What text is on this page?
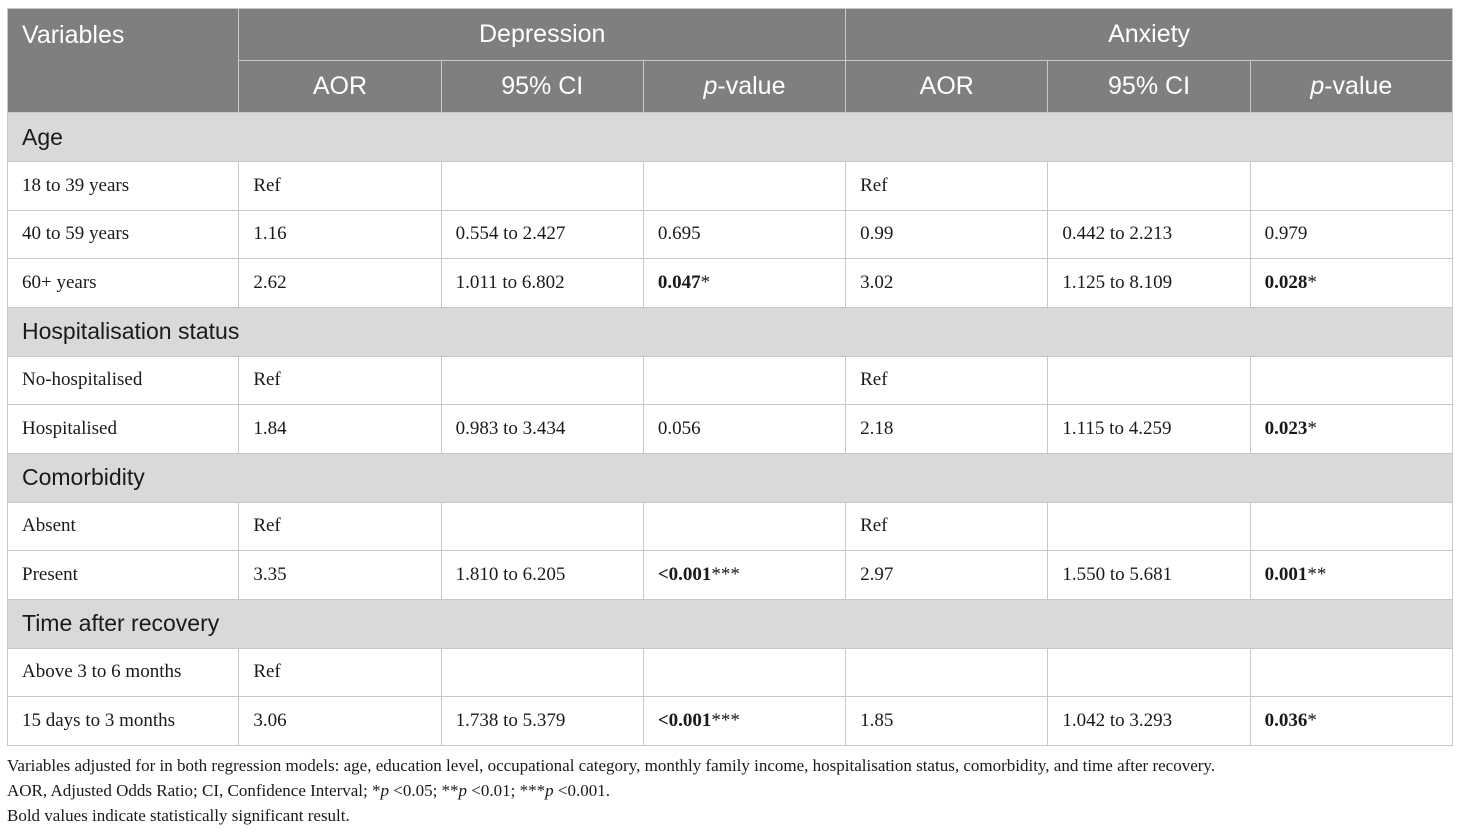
Variables	Depression			Anxiety		
	AOR	95% CI	p-value	AOR	95% CI	p-value
Age						
18 to 39 years	Ref			Ref		
40 to 59 years	1.16	0.554 to 2.427	0.695	0.99	0.442 to 2.213	0.979
60+ years	2.62	1.011 to 6.802	0.047*	3.02	1.125 to 8.109	0.028*
Hospitalisation status						
No-hospitalised	Ref			Ref		
Hospitalised	1.84	0.983 to 3.434	0.056	2.18	1.115 to 4.259	0.023*
Comorbidity						
Absent	Ref			Ref		
Present	3.35	1.810 to 6.205	<0.001***	2.97	1.550 to 5.681	0.001**
Time after recovery						
Above 3 to 6 months	Ref					
15 days to 3 months	3.06	1.738 to 5.379	<0.001***	1.85	1.042 to 3.293	0.036*

Variables adjusted for in both regression models: age, education level, occupational category, monthly family income, hospitalisation status, comorbidity, and time after recovery.

AOR, Adjusted Odds Ratio; CI, Confidence Interval; *p <0.05; **p <0.01; ***p <0.001.

Bold values indicate statistically significant result.
